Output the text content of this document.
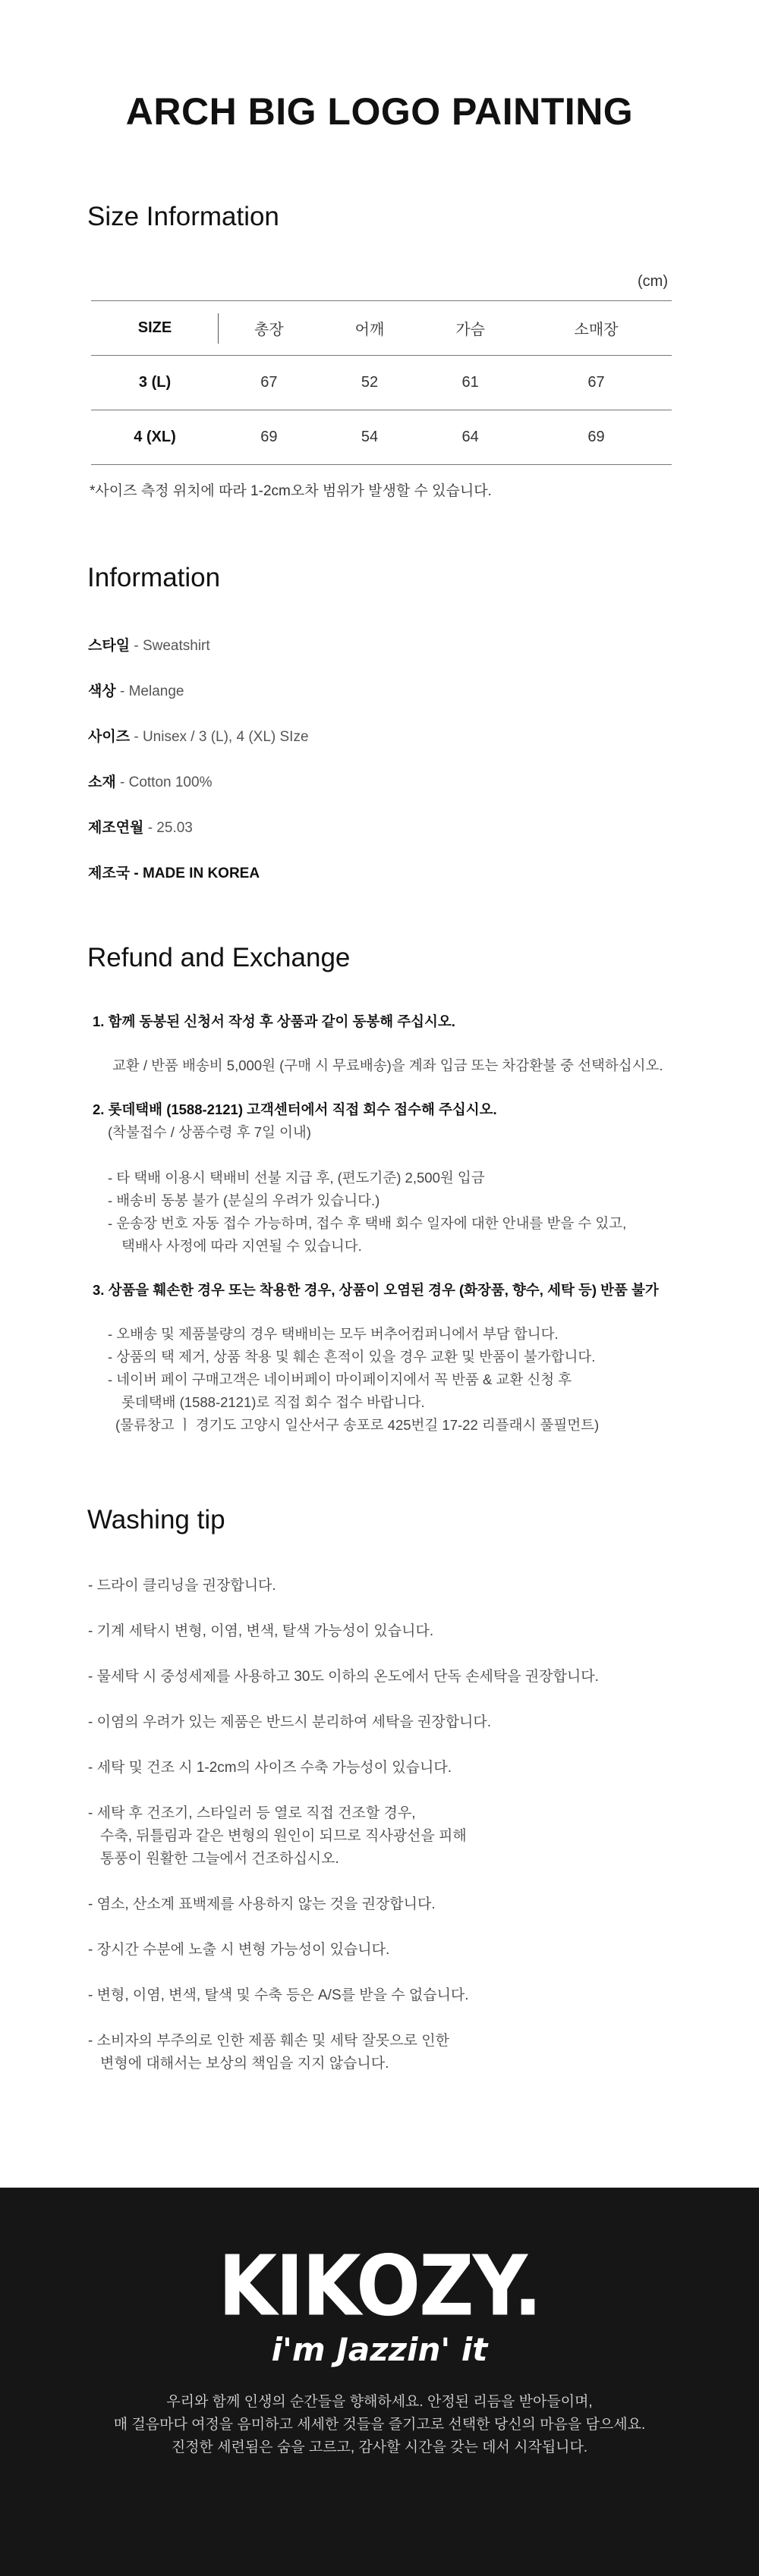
ARCH BIG LOGO PAINTING
Size Information
(cm)
SIZE	총장	어깨	가슴	소매장
3 (L)	67	52	61	67
4 (XL)	69	54	64	69
*사이즈 측정 위치에 따라 1-2cm오차 범위가 발생할 수 있습니다.
Information
스타일 - Sweatshirt
색상 - Melange
사이즈 - Unisex / 3 (L), 4 (XL) SIze
소재 - Cotton 100%
제조연월 - 25.03
제조국 - MADE IN KOREA
Refund and Exchange
1. 함께 동봉된 신청서 작성 후 상품과 같이 동봉해 주십시오.
교환 / 반품 배송비 5,000원 (구매 시 무료배송)을 계좌 입금 또는 차감환불 중 선택하십시오.
2. 롯데택배 (1588-2121) 고객센터에서 직접 회수 접수해 주십시오.
(착불접수 / 상품수령 후 7일 이내)
- 타 택배 이용시 택배비 선불 지급 후, (편도기준) 2,500원 입금
- 배송비 동봉 불가 (분실의 우려가 있습니다.)
- 운송장 번호 자동 접수 가능하며, 접수 후 택배 회수 일자에 대한 안내를 받을 수 있고,
택배사 사정에 따라 지연될 수 있습니다.
3. 상품을 훼손한 경우 또는 착용한 경우, 상품이 오염된 경우 (화장품, 향수, 세탁 등) 반품 불가
- 오배송 및 제품불량의 경우 택배비는 모두 버추어컴퍼니에서 부담 합니다.
- 상품의 택 제거, 상품 착용 및 훼손 흔적이 있을 경우 교환 및 반품이 불가합니다.
- 네이버 페이 구매고객은 네이버페이 마이페이지에서 꼭 반품 & 교환 신청 후
롯데택배 (1588-2121)로 직접 회수 접수 바랍니다.
(물류창고 ㅣ 경기도 고양시 일산서구 송포로 425번길 17-22 리플래시 풀필먼트)
Washing tip
- 드라이 클리닝을 권장합니다.
- 기계 세탁시 변형, 이염, 변색, 탈색 가능성이 있습니다.
- 물세탁 시 중성세제를 사용하고 30도 이하의 온도에서 단독 손세탁을 권장합니다.
- 이염의 우려가 있는 제품은 반드시 분리하여 세탁을 권장합니다.
- 세탁 및 건조 시 1-2cm의 사이즈 수축 가능성이 있습니다.
- 세탁 후 건조기, 스타일러 등 열로 직접 건조할 경우,
수축, 뒤틀림과 같은 변형의 원인이 되므로 직사광선을 피해
통풍이 원활한 그늘에서 건조하십시오.
- 염소, 산소계 표백제를 사용하지 않는 것을 권장합니다.
- 장시간 수분에 노출 시 변형 가능성이 있습니다.
- 변형, 이염, 변색, 탈색 및 수축 등은 A/S를 받을 수 없습니다.
- 소비자의 부주의로 인한 제품 훼손 및 세탁 잘못으로 인한
변형에 대해서는 보상의 책임을 지지 않습니다.
KIKOZY.
i'm Jazzin' it
우리와 함께 인생의 순간들을 향해하세요. 안정된 리듬을 받아들이며,
매 걸음마다 여정을 음미하고 세세한 것들을 즐기고로 선택한 당신의 마음을 담으세요.
진정한 세련됨은 숨을 고르고, 감사할 시간을 갖는 데서 시작됩니다.
